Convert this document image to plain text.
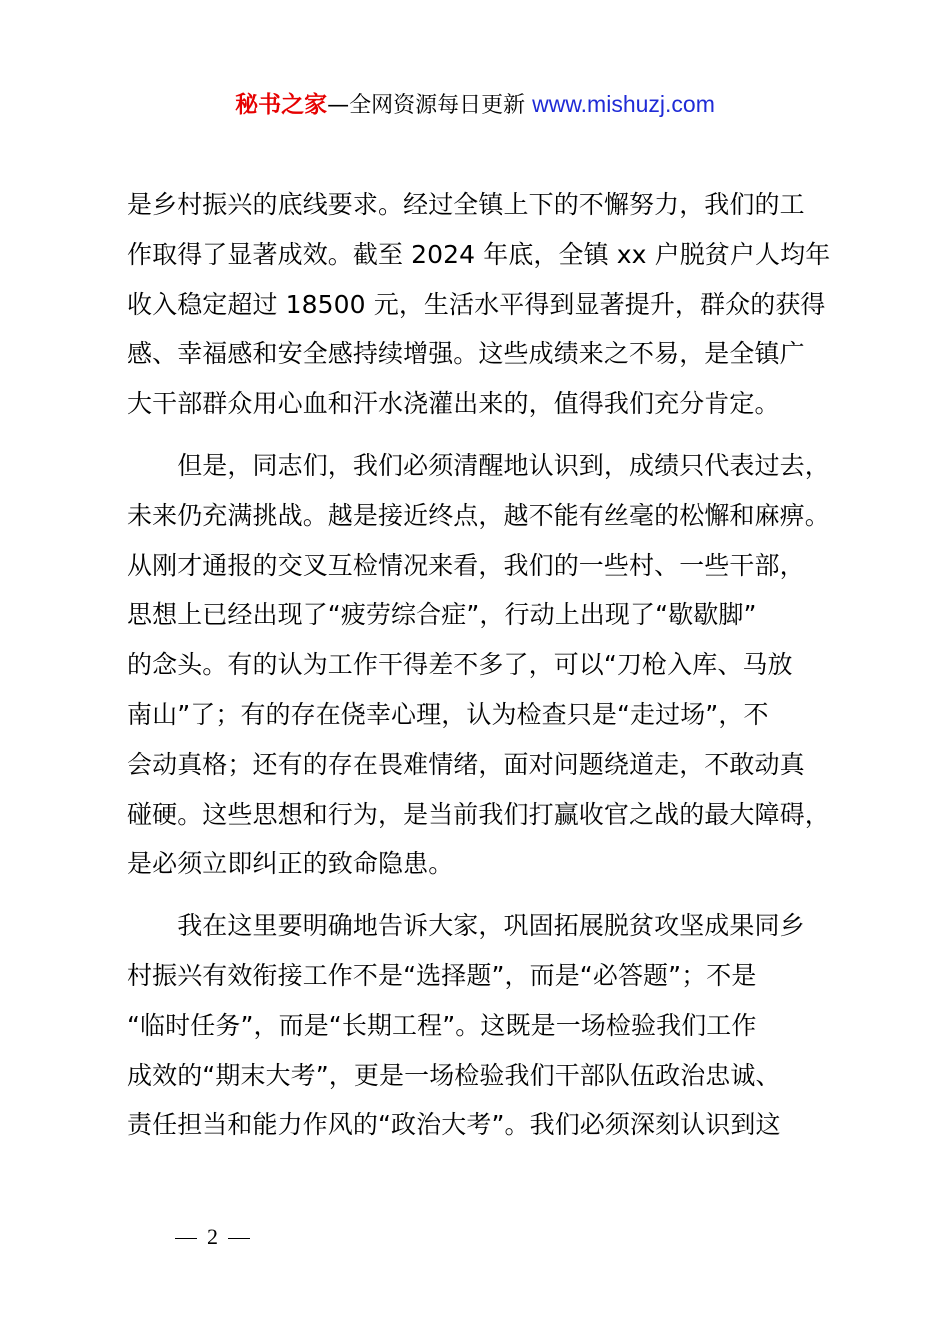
秘书之家—全网资源每日更新 www.mishuzj.com

是乡村振兴的底线要求。经过全镇上下的不懈努力，我们的工
作取得了显著成效。截至 2024 年底，全镇 xx 户脱贫户人均年
收入稳定超过 18500 元，生活水平得到显著提升，群众的获得
感、幸福感和安全感持续增强。这些成绩来之不易，是全镇广
大干部群众用心血和汗水浇灌出来的，值得我们充分肯定。

　　但是，同志们，我们必须清醒地认识到，成绩只代表过去，
未来仍充满挑战。越是接近终点，越不能有丝毫的松懈和麻痹。
从刚才通报的交叉互检情况来看，我们的一些村、一些干部，
思想上已经出现了“疲劳综合症”，行动上出现了“歇歇脚”
的念头。有的认为工作干得差不多了，可以“刀枪入库、马放
南山”了；有的存在侥幸心理，认为检查只是“走过场”，不
会动真格；还有的存在畏难情绪，面对问题绕道走，不敢动真
碰硬。这些思想和行为，是当前我们打赢收官之战的最大障碍，
是必须立即纠正的致命隐患。

　　我在这里要明确地告诉大家，巩固拓展脱贫攻坚成果同乡
村振兴有效衔接工作不是“选择题”，而是“必答题”；不是
“临时任务”，而是“长期工程”。这既是一场检验我们工作
成效的“期末大考”，更是一场检验我们干部队伍政治忠诚、
责任担当和能力作风的“政治大考”。我们必须深刻认识到这

2
